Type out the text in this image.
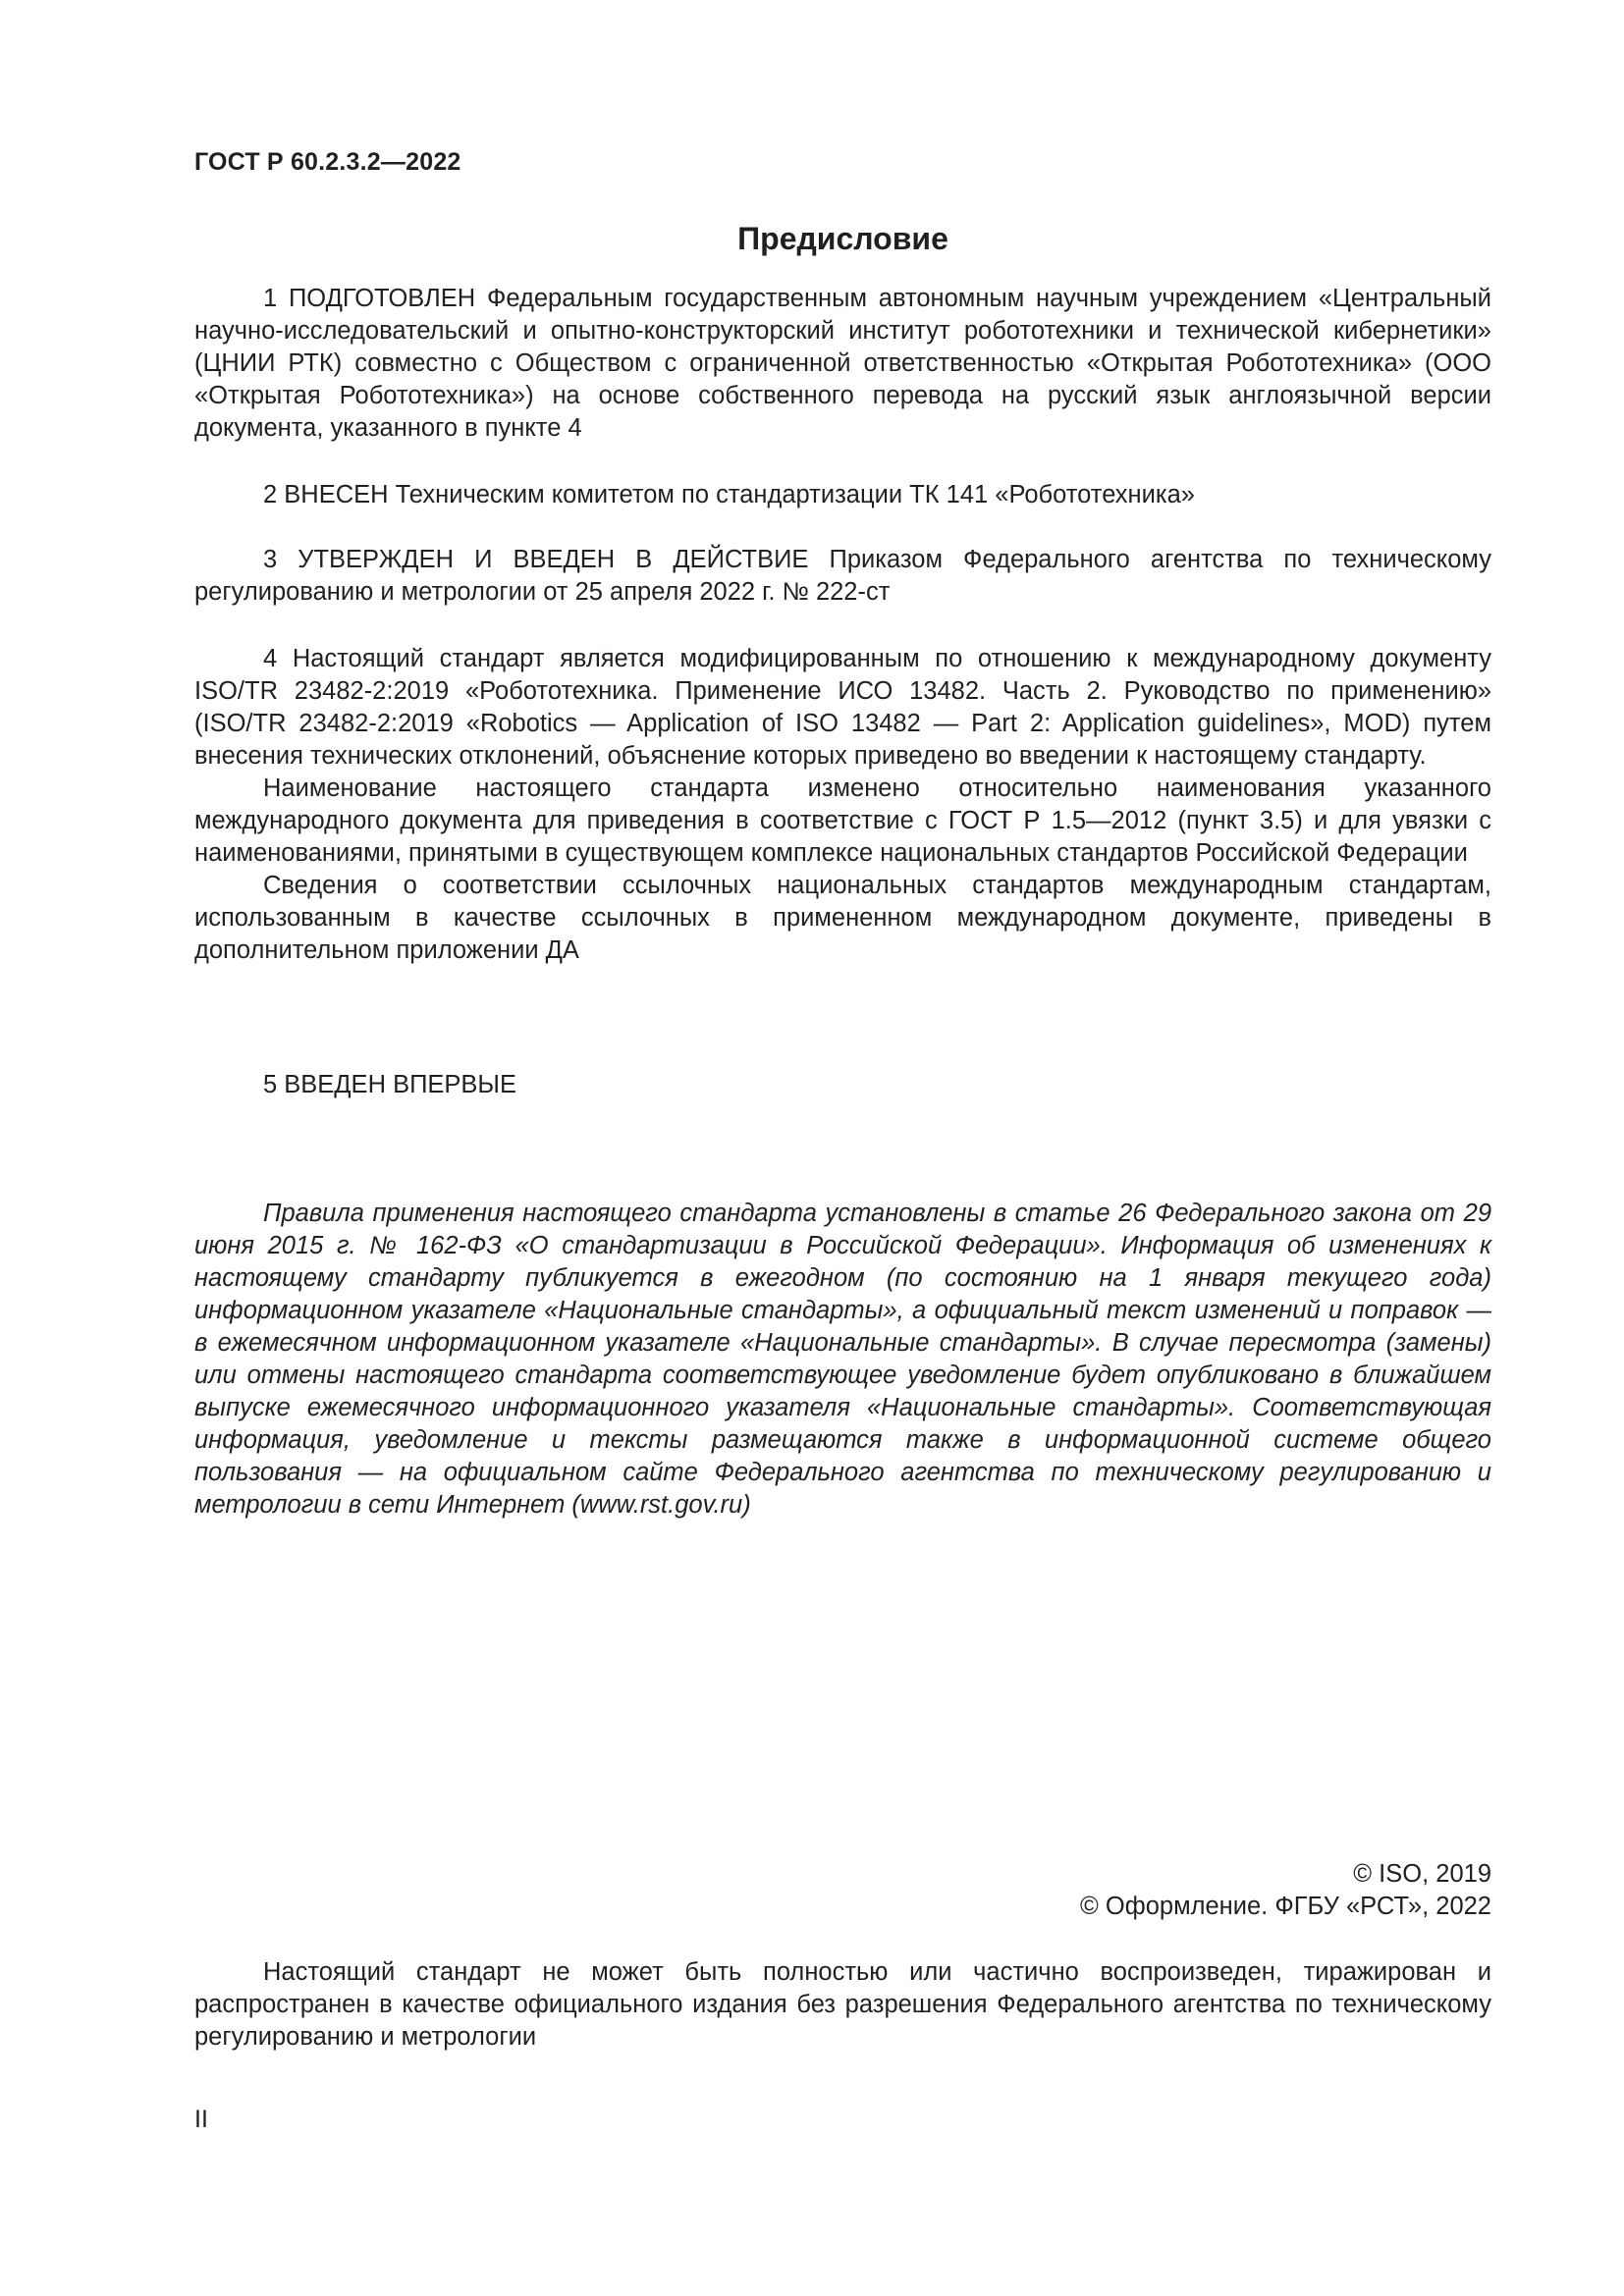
ГОСТ Р 60.2.3.2—2022
Предисловие

1 ПОДГОТОВЛЕН Федеральным государственным автономным научным учреждением «Центральный научно-исследовательский и опытно-конструкторский институт робототехники и технической кибернетики» (ЦНИИ РТК) совместно с Обществом с ограниченной ответственностью «Открытая Робототехника» (ООО «Открытая Робототехника») на основе собственного перевода на русский язык англоязычной версии документа, указанного в пункте 4

2 ВНЕСЕН Техническим комитетом по стандартизации ТК 141 «Робототехника»

3 УТВЕРЖДЕН И ВВЕДЕН В ДЕЙСТВИЕ Приказом Федерального агентства по техническому регулированию и метрологии от 25 апреля 2022 г. № 222-ст

4 Настоящий стандарт является модифицированным по отношению к международному документу ISO/TR 23482-2:2019 «Робототехника. Применение ИСО 13482. Часть 2. Руководство по применению» (ISO/TR 23482-2:2019 «Robotics — Application of ISO 13482 — Part 2: Application guidelines», MOD) путем внесения технических отклонений, объяснение которых приведено во введении к настоящему стандарту.

Наименование настоящего стандарта изменено относительно наименования указанного международного документа для приведения в соответствие с ГОСТ Р 1.5—2012 (пункт 3.5) и для увязки с наименованиями, принятыми в существующем комплексе национальных стандартов Российской Федерации

Сведения о соответствии ссылочных национальных стандартов международным стандартам, использованным в качестве ссылочных в примененном международном документе, приведены в дополнительном приложении ДА

5 ВВЕДЕН ВПЕРВЫЕ

Правила применения настоящего стандарта установлены в статье 26 Федерального закона от 29 июня 2015 г. № 162-ФЗ «О стандартизации в Российской Федерации». Информация об изменениях к настоящему стандарту публикуется в ежегодном (по состоянию на 1 января текущего года) информационном указателе «Национальные стандарты», а официальный текст изменений и поправок — в ежемесячном информационном указателе «Национальные стандарты». В случае пересмотра (замены) или отмены настоящего стандарта соответствующее уведомление будет опубликовано в ближайшем выпуске ежемесячного информационного указателя «Национальные стандарты». Соответствующая информация, уведомление и тексты размещаются также в информационной системе общего пользования — на официальном сайте Федерального агентства по техническому регулированию и метрологии в сети Интернет (www.rst.gov.ru)

© ISO, 2019
© Оформление. ФГБУ «РСТ», 2022

Настоящий стандарт не может быть полностью или частично воспроизведен, тиражирован и распространен в качестве официального издания без разрешения Федерального агентства по техническому регулированию и метрологии

II
